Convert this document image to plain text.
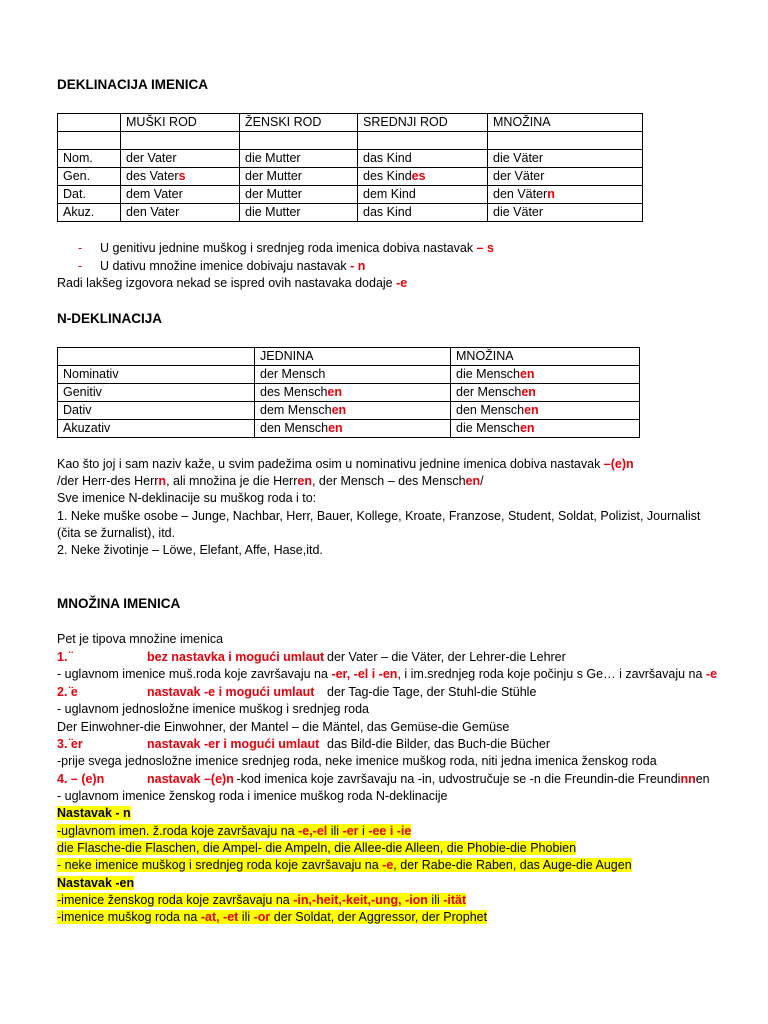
DEKLINACIJA IMENICA
	MUŠKI ROD	ŽENSKI ROD	SREDNJI ROD	MNOŽINA

Nom.	der Vater	die Mutter	das Kind	die Väter
Gen.	des Vaters	der Mutter	des Kindes	der Väter
Dat.	dem Vater	der Mutter	dem Kind	den Vätern
Akuz.	den Vater	die Mutter	das Kind	die Väter
- U genitivu jednine muškog i srednjeg roda imenica dobiva nastavak – s
- U dativu množine imenice dobivaju nastavak - n
Radi lakšeg izgovora nekad se ispred ovih nastavaka dodaje -e
N-DEKLINACIJA
	JEDNINA	MNOŽINA
Nominativ	der Mensch	die Menschen
Genitiv	des Menschen	der Menschen
Dativ	dem Menschen	den Menschen
Akuzativ	den Menschen	die Menschen
Kao što joj i sam naziv kaže, u svim padežima osim u nominativu jednine imenica dobiva nastavak –(e)n
/der Herr-des Herrn, ali množina je die Herren, der Mensch – des Menschen/
Sve imenice N-deklinacije su muškog roda i to:
1. Neke muške osobe – Junge, Nachbar, Herr, Bauer, Kollege, Kroate, Franzose, Student, Soldat, Polizist, Journalist
(čita se žurnalist), itd.
2. Neke životinje – Löwe, Elefant, Affe, Hase,itd.
MNOŽINA IMENICA
Pet je tipova množine imenica
1. ̈	bez nastavka i mogući umlaut der Vater – die Väter, der Lehrer-die Lehrer
- uglavnom imenice muš.roda koje završavaju na -er, -el i -en, i im.srednjeg roda koje počinju s Ge… i završavaju na -e
2. ̈e	nastavak -e i mogući umlaut der Tag-die Tage, der Stuhl-die Stühle
- uglavnom jednosložne imenice muškog i srednjeg roda
Der Einwohner-die Einwohner, der Mantel – die Mäntel, das Gemüse-die Gemüse
3. ̈er	nastavak -er i mogući umlaut das Bild-die Bilder, das Buch-die Bücher
-prije svega jednosložne imenice srednjeg roda, neke imenice muškog roda, niti jedna imenica ženskog roda
4. – (e)n	nastavak –(e)n -kod imenica koje završavaju na -in, udvostručuje se -n die Freundin-die Freundinnen
- uglavnom imenice ženskog roda i imenice muškog roda N-deklinacije
Nastavak - n
-uglavnom imen. ž.roda koje završavaju na -e,-el ili -er i -ee i -ie
die Flasche-die Flaschen, die Ampel- die Ampeln, die Allee-die Alleen, die Phobie-die Phobien
- neke imenice muškog i srednjeg roda koje završavaju na -e, der Rabe-die Raben, das Auge-die Augen
Nastavak -en
-imenice ženskog roda koje završavaju na -in,-heit,-keit,-ung, -ion ili -ität
-imenice muškog roda na -at, -et ili -or der Soldat, der Aggressor, der Prophet
